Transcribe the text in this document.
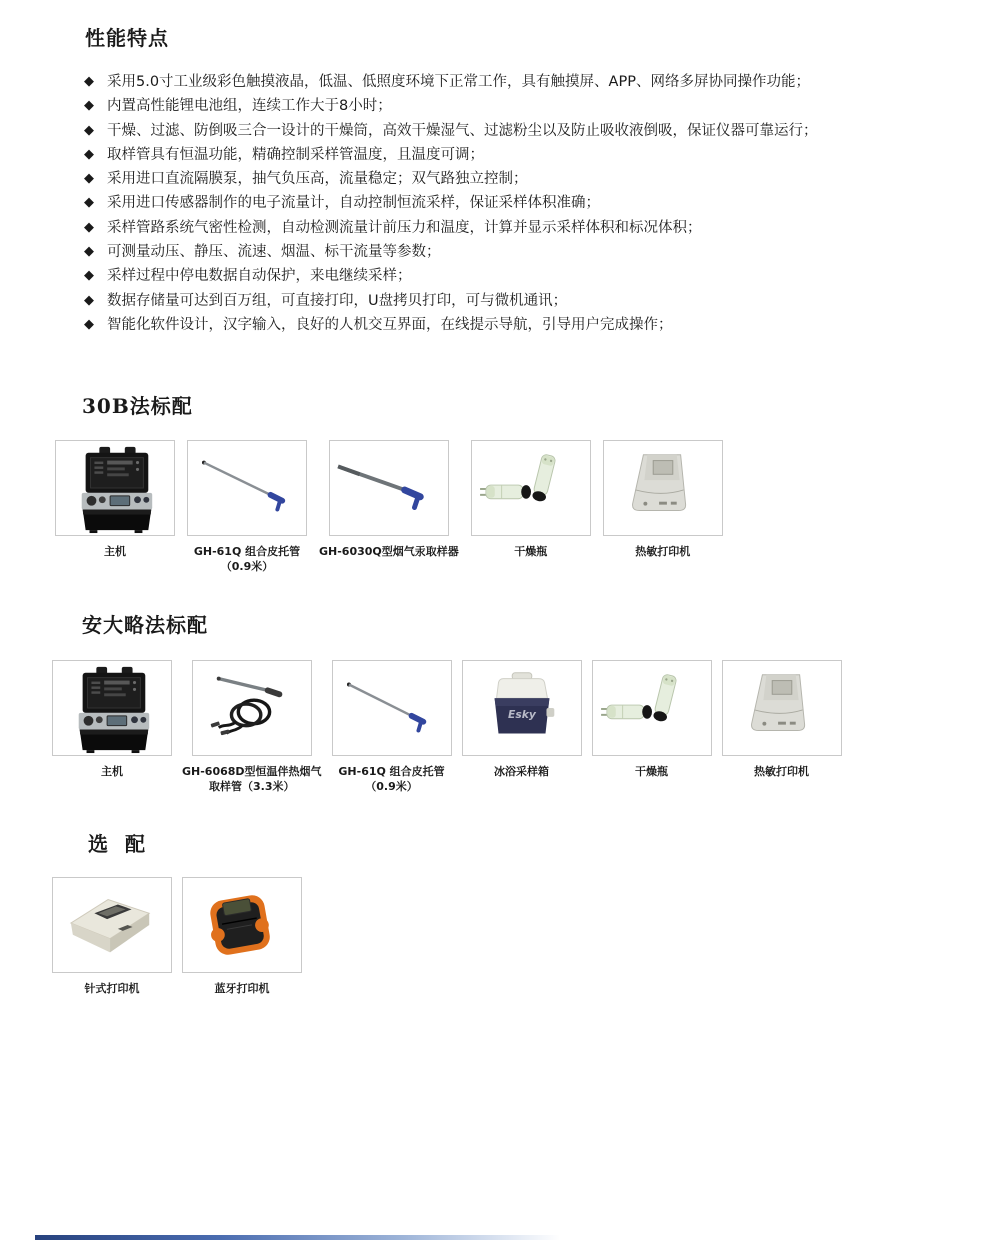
性能特点
◆ 采用5.0寸工业级彩色触摸液晶，低温、低照度环境下正常工作，具有触摸屏、APP、网络多屏协同操作功能；
◆ 内置高性能锂电池组，连续工作大于8小时；
◆ 干燥、过滤、防倒吸三合一设计的干燥筒，高效干燥湿气、过滤粉尘以及防止吸收液倒吸，保证仪器可靠运行；
◆ 取样管具有恒温功能，精确控制采样管温度，且温度可调；
◆ 采用进口直流隔膜泵，抽气负压高，流量稳定；双气路独立控制；
◆ 采用进口传感器制作的电子流量计，自动控制恒流采样，保证采样体积准确；
◆ 采样管路系统气密性检测，自动检测流量计前压力和温度，计算并显示采样体积和标况体积；
◆ 可测量动压、静压、流速、烟温、标干流量等参数；
◆ 采样过程中停电数据自动保护，来电继续采样；
◆ 数据存储量可达到百万组，可直接打印，U盘拷贝打印，可与微机通讯；
◆ 智能化软件设计，汉字输入，良好的人机交互界面，在线提示导航，引导用户完成操作；
30B法标配
主机	GH-61Q 组合皮托管
（0.9米）
GH-6030Q型烟气汞取样器	干燥瓶	热敏打印机
安大略法标配
主机	GH-6068D型恒温伴热烟气
取样管（3.3米）
GH-61Q 组合皮托管
（0.9米）
Esky
冰浴采样箱	干燥瓶	热敏打印机
选 配
针式打印机	蓝牙打印机
